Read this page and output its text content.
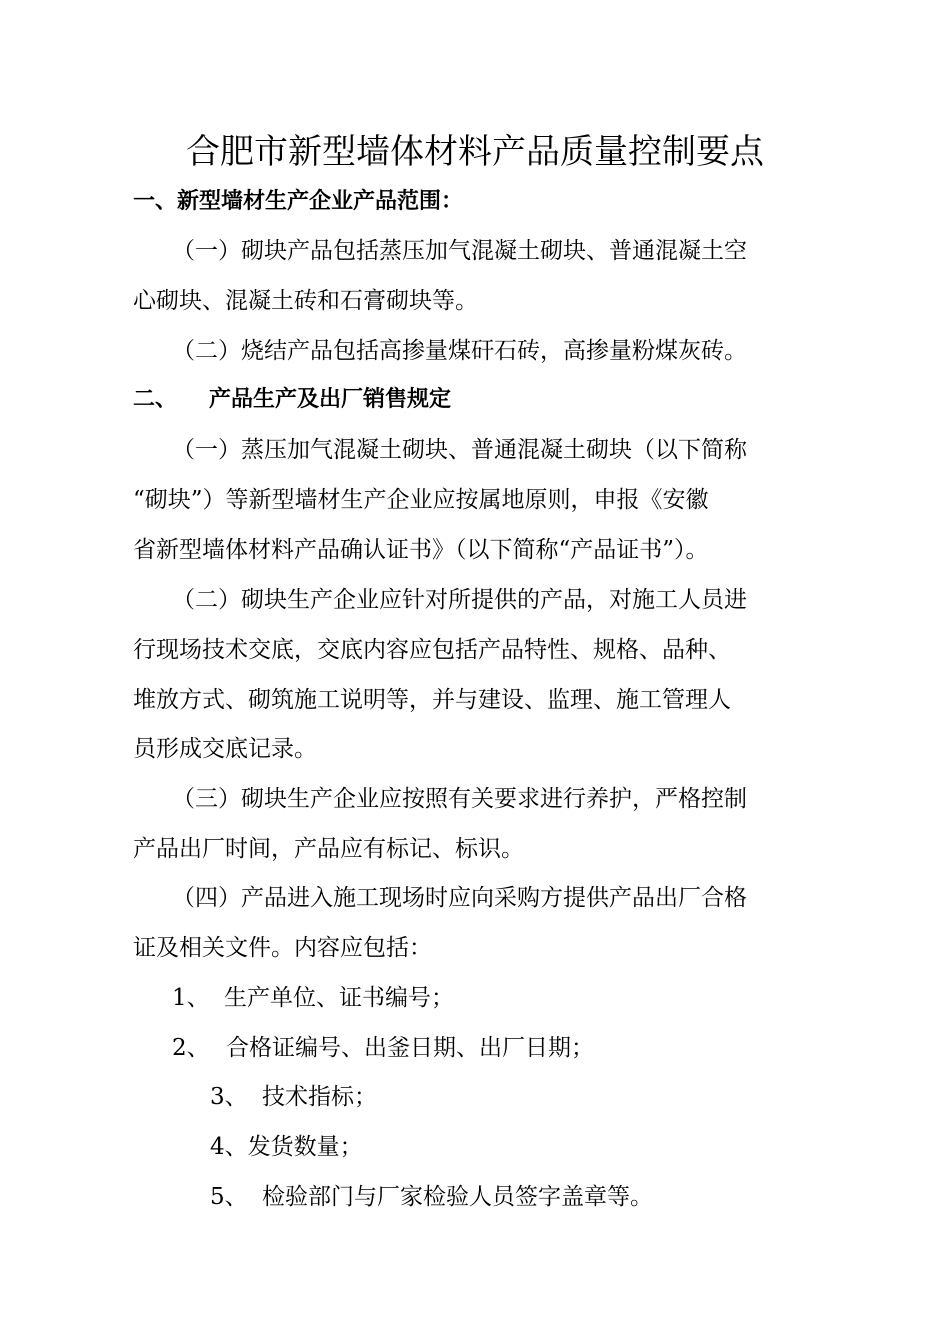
合肥市新型墙体材料产品质量控制要点
一、新型墙材生产企业产品范围：
（一）砌块产品包括蒸压加气混凝土砌块、普通混凝土空
心砌块、混凝土砖和石膏砌块等。
（二）烧结产品包括高掺量煤矸石砖，高掺量粉煤灰砖。
二、 产品生产及出厂销售规定
（一）蒸压加气混凝土砌块、普通混凝土砌块（以下简称
“砌块”）等新型墙材生产企业应按属地原则，申报《安徽
省新型墙体材料产品确认证书》（以下简称“产品证书”）。
（二）砌块生产企业应针对所提供的产品，对施工人员进
行现场技术交底，交底内容应包括产品特性、规格、品种、
堆放方式、砌筑施工说明等，并与建设、监理、施工管理人
员形成交底记录。
（三）砌块生产企业应按照有关要求进行养护，严格控制
产品出厂时间，产品应有标记、标识。
（四）产品进入施工现场时应向采购方提供产品出厂合格
证及相关文件。内容应包括：
1、 生产单位、证书编号；
2、 合格证编号、出釜日期、出厂日期；
3、 技术指标；
4、发货数量；
5、 检验部门与厂家检验人员签字盖章等。
